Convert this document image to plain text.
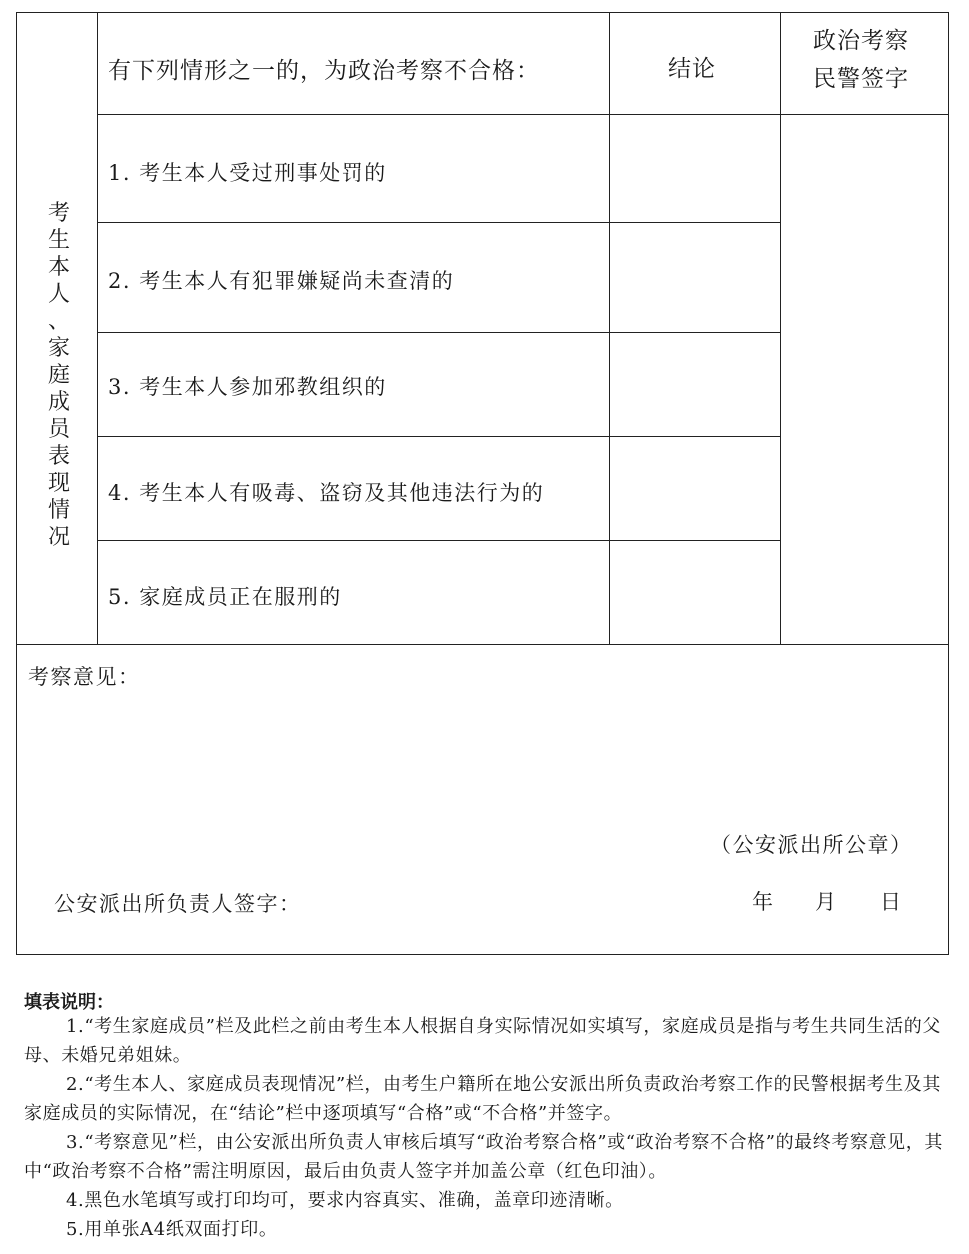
考
生
本
人
、
家
庭
成
员
表
现
情
况
有下列情形之一的，为政治考察不合格：	结论
政治考察
民警签字
1. 考生本人受过刑事处罚的
2. 考生本人有犯罪嫌疑尚未查清的
3. 考生本人参加邪教组织的
4. 考生本人有吸毒、盗窃及其他违法行为的
5. 家庭成员正在服刑的
考察意见：
（公安派出所公章）
公安派出所负责人签字：	年 月 日
填表说明：
1.“考生家庭成员”栏及此栏之前由考生本人根据自身实际情况如实填写，家庭成员是指与考生共同生活的父母、未婚兄弟姐妹。
2.“考生本人、家庭成员表现情况”栏，由考生户籍所在地公安派出所负责政治考察工作的民警根据考生及其家庭成员的实际情况，在“结论”栏中逐项填写“合格”或“不合格”并签字。
3.“考察意见”栏，由公安派出所负责人审核后填写“政治考察合格”或“政治考察不合格”的最终考察意见，其中“政治考察不合格”需注明原因，最后由负责人签字并加盖公章（红色印油）。
4.黑色水笔填写或打印均可，要求内容真实、准确，盖章印迹清晰。
5.用单张A4纸双面打印。
